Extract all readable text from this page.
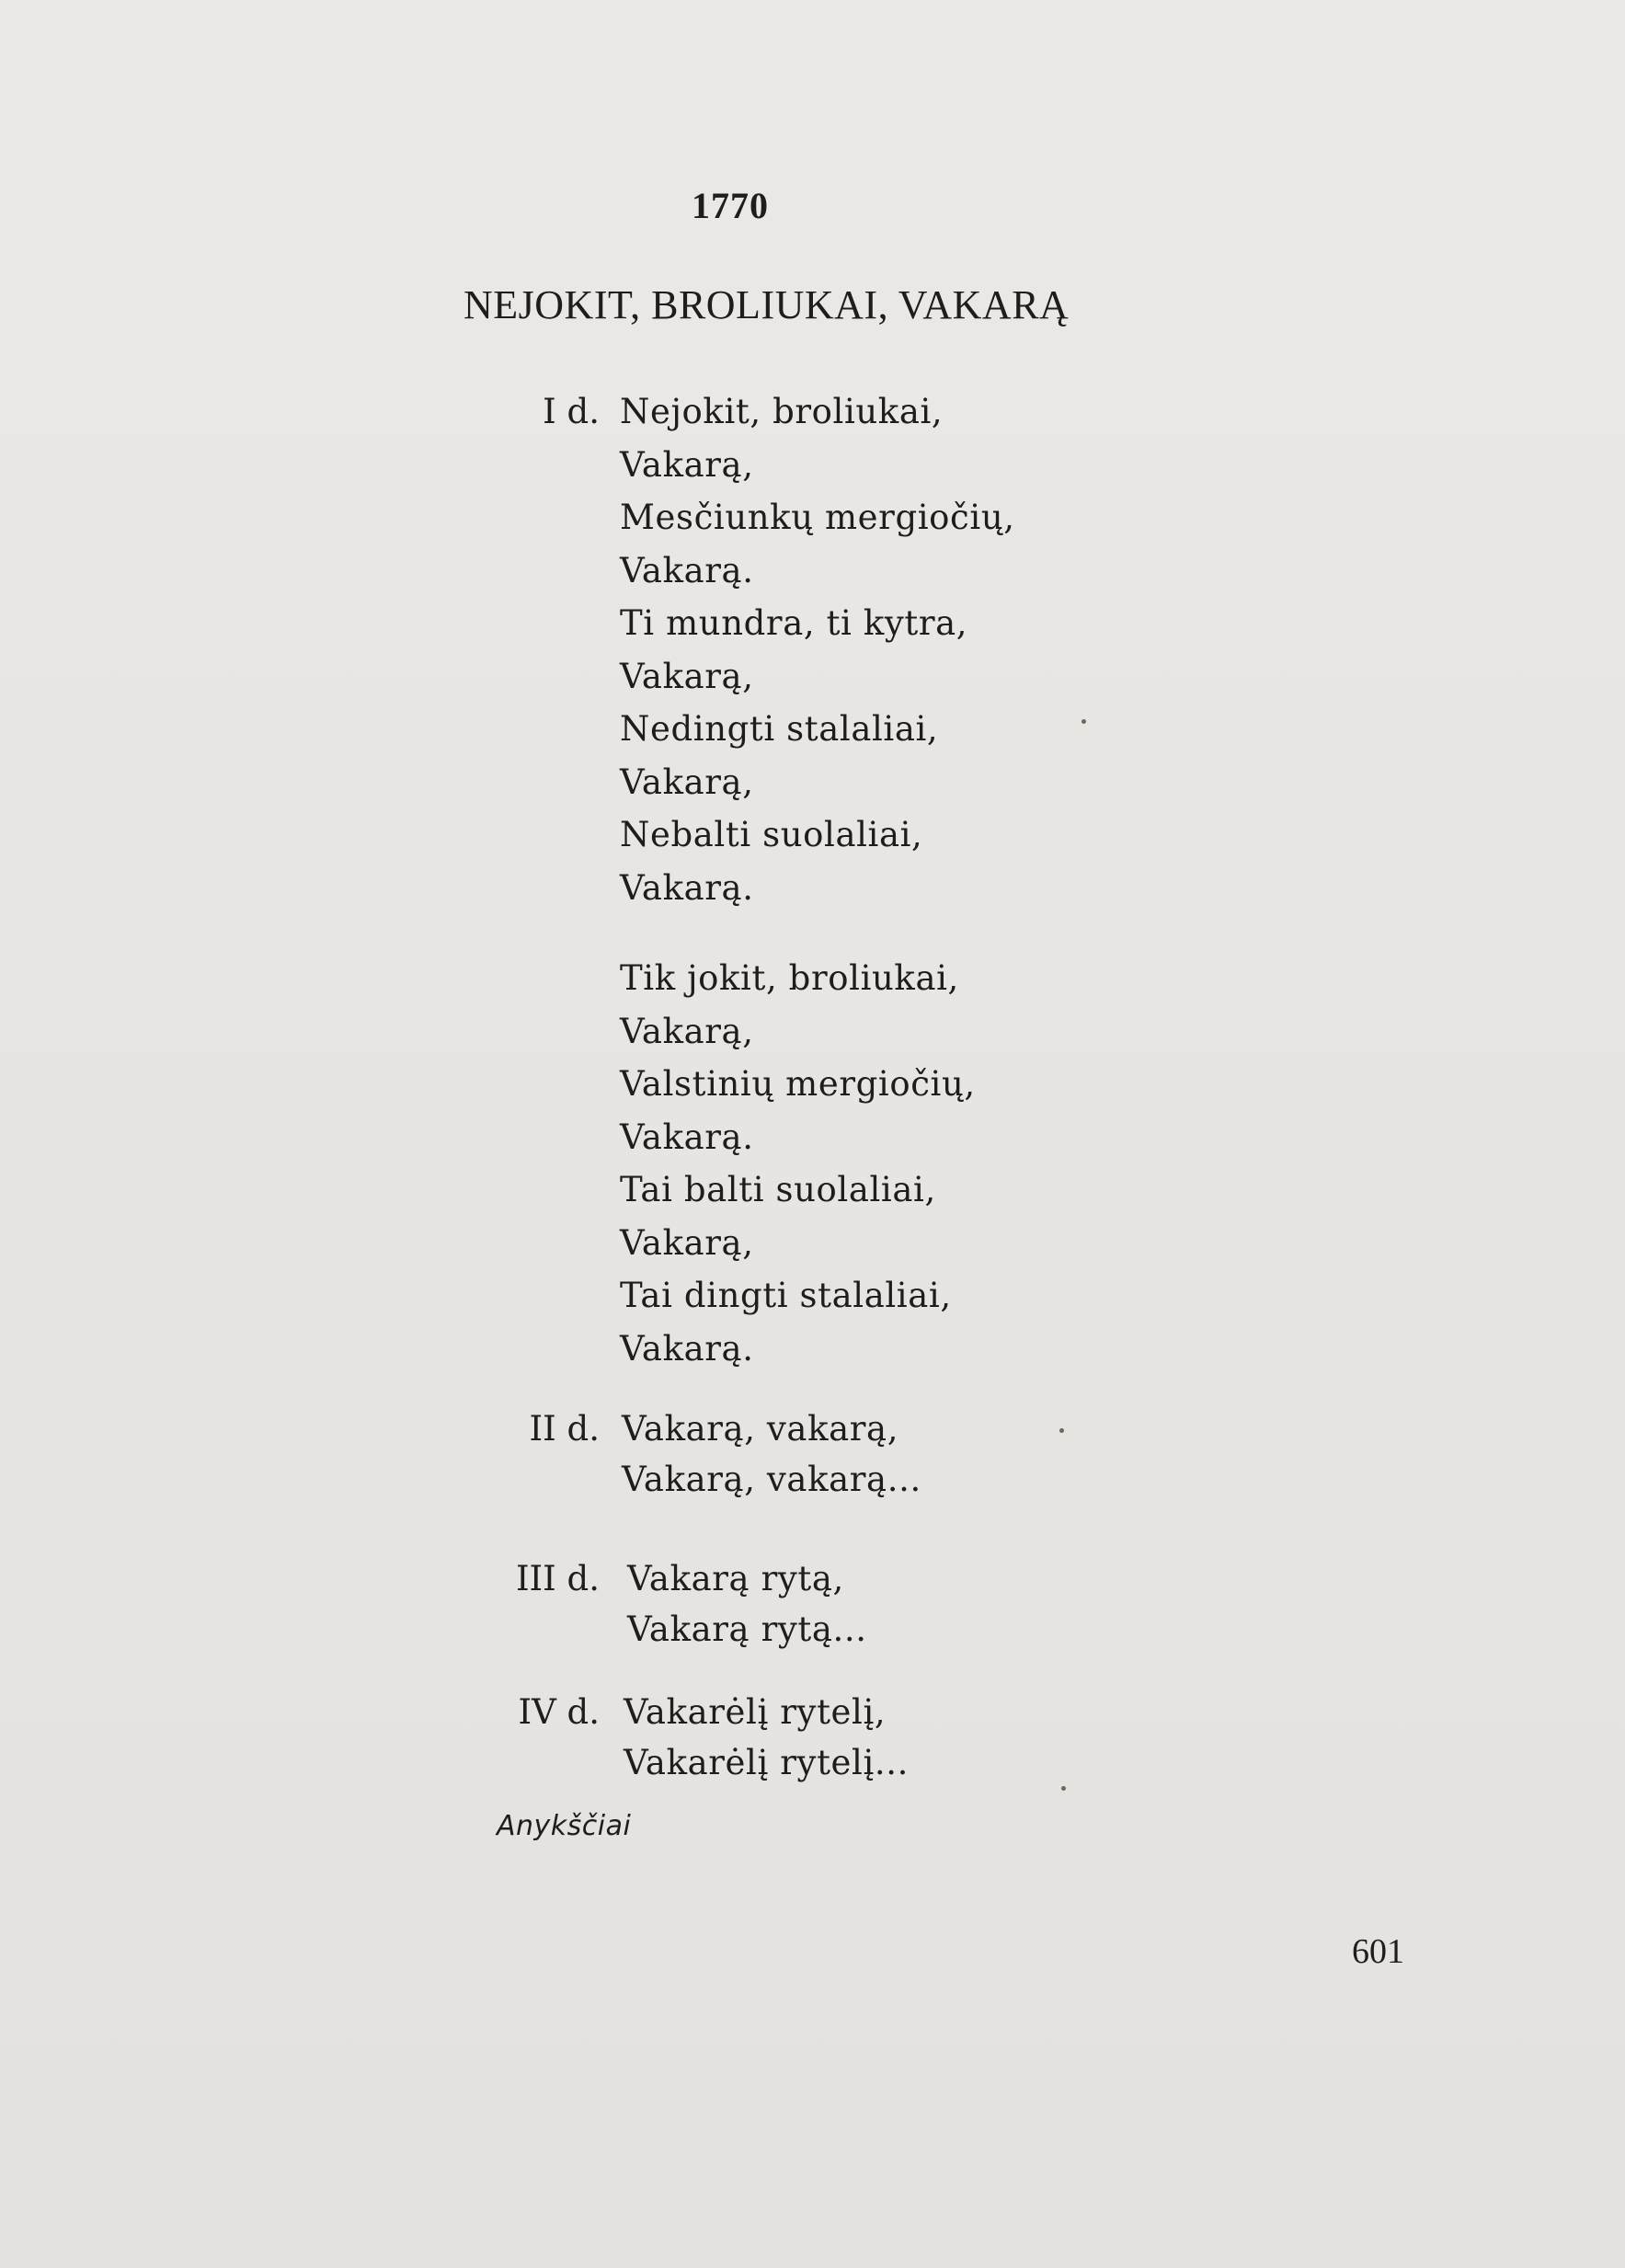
1770
NEJOKIT, BROLIUKAI, VAKARĄ
I d. Nejokit, broliukai,
Vakarą,
Mesčiunkų mergiočių,
Vakarą.
Ti mundra, ti kytra,
Vakarą,
Nedingti stalaliai,
Vakarą,
Nebalti suolaliai,
Vakarą.
Tik jokit, broliukai,
Vakarą,
Valstinių mergiočių,
Vakarą.
Tai balti suolaliai,
Vakarą,
Tai dingti stalaliai,
Vakarą.
II d. Vakarą, vakarą,
Vakarą, vakarą...
III d. Vakarą rytą,
Vakarą rytą...
IV d. Vakarėlį rytelį,
Vakarėlį rytelį...
Anykščiai
601
